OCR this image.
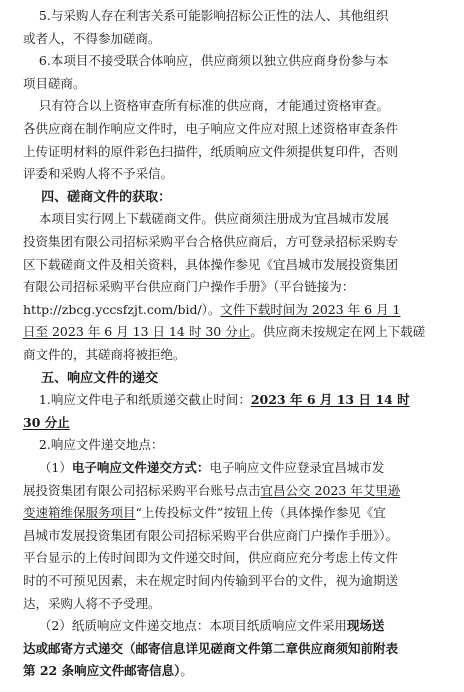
5.与采购人存在利害关系可能影响招标公正性的法人、其他组织
或者人，不得参加磋商。
6.本项目不接受联合体响应，供应商须以独立供应商身份参与本
项目磋商。
只有符合以上资格审查所有标准的供应商，才能通过资格审查。
各供应商在制作响应文件时，电子响应文件应对照上述资格审查条件
上传证明材料的原件彩色扫描件，纸质响应文件须提供复印件，否则
评委和采购人将不予采信。
四、磋商文件的获取：
本项目实行网上下载磋商文件。供应商须注册成为宜昌城市发展
投资集团有限公司招标采购平台合格供应商后，方可登录招标采购专
区下载磋商文件及相关资料，具体操作参见《宜昌城市发展投资集团
有限公司招标采购平台供应商门户操作手册》（平台链接为：
http://zbcg.yccsfzjt.com/bid/）。文件下载时间为 2023 年 6 月 1
日至 2023 年 6 月 13 日 14 时 30 分止。供应商未按规定在网上下载磋
商文件的，其磋商将被拒绝。
五、响应文件的递交
1.响应文件电子和纸质递交截止时间：2023 年 6 月 13 日 14 时
30 分止
2.响应文件递交地点：
（1）电子响应文件递交方式：电子响应文件应登录宜昌城市发
展投资集团有限公司招标采购平台账号点击宜昌公交 2023 年艾里逊
变速箱维保服务项目“上传投标文件”按钮上传（具体操作参见《宜
昌城市发展投资集团有限公司招标采购平台供应商门户操作手册》）。
平台显示的上传时间即为文件递交时间，供应商应充分考虑上传文件
时的不可预见因素，未在规定时间内传输到平台的文件，视为逾期送
达，采购人将不予受理。
（2）纸质响应文件递交地点：本项目纸质响应文件采用现场送
达或邮寄方式递交（邮寄信息详见磋商文件第二章供应商须知前附表
第 22 条响应文件邮寄信息）。
